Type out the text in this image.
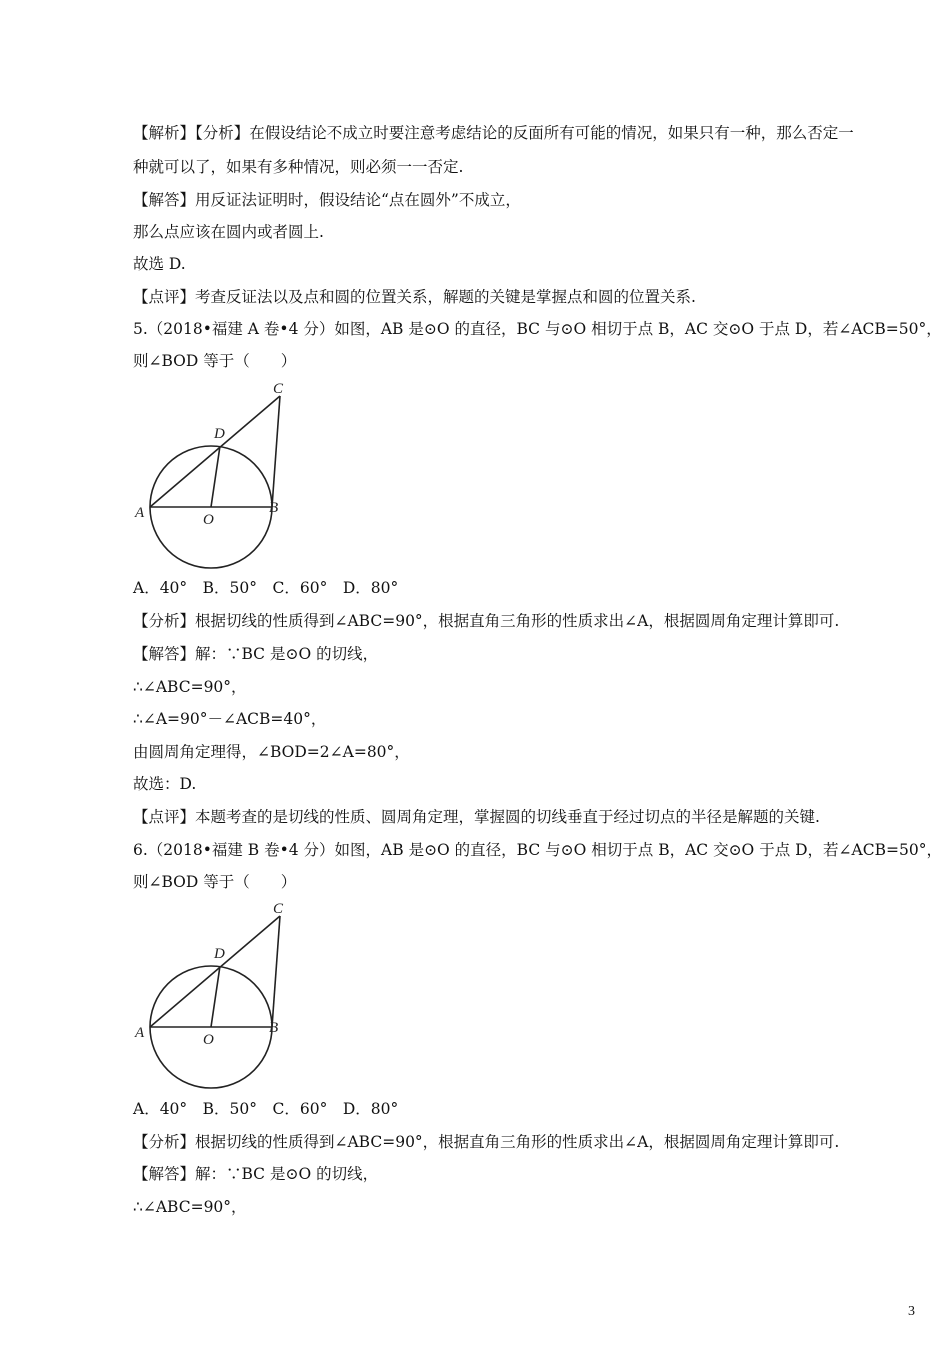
【解析】【分析】在假设结论不成立时要注意考虑结论的反面所有可能的情况，如果只有一种，那么否定一
种就可以了，如果有多种情况，则必须一一否定.
【解答】用反证法证明时，假设结论“点在圆外”不成立，
那么点应该在圆内或者圆上.
故选 D.
【点评】考查反证法以及点和圆的位置关系，解题的关键是掌握点和圆的位置关系.
5.（2018•福建 A 卷•4 分）如图，AB 是⊙O 的直径，BC 与⊙O 相切于点 B，AC 交⊙O 于点 D，若∠ACB=50°，
则∠BOD 等于（　　）
A	B
C
D
O
A．40°　B．50°　C．60°　D．80°
【分析】根据切线的性质得到∠ABC=90°，根据直角三角形的性质求出∠A，根据圆周角定理计算即可.
【解答】解：∵BC 是⊙O 的切线，
∴∠ABC=90°，
∴∠A=90°－∠ACB=40°，
由圆周角定理得，∠BOD=2∠A=80°，
故选：D.
【点评】本题考查的是切线的性质、圆周角定理，掌握圆的切线垂直于经过切点的半径是解题的关键.
6.（2018•福建 B 卷•4 分）如图，AB 是⊙O 的直径，BC 与⊙O 相切于点 B，AC 交⊙O 于点 D，若∠ACB=50°，
则∠BOD 等于（　　）
A	B
C
D
O
A．40°　B．50°　C．60°　D．80°
【分析】根据切线的性质得到∠ABC=90°，根据直角三角形的性质求出∠A，根据圆周角定理计算即可.
【解答】解：∵BC 是⊙O 的切线，
∴∠ABC=90°，
3
